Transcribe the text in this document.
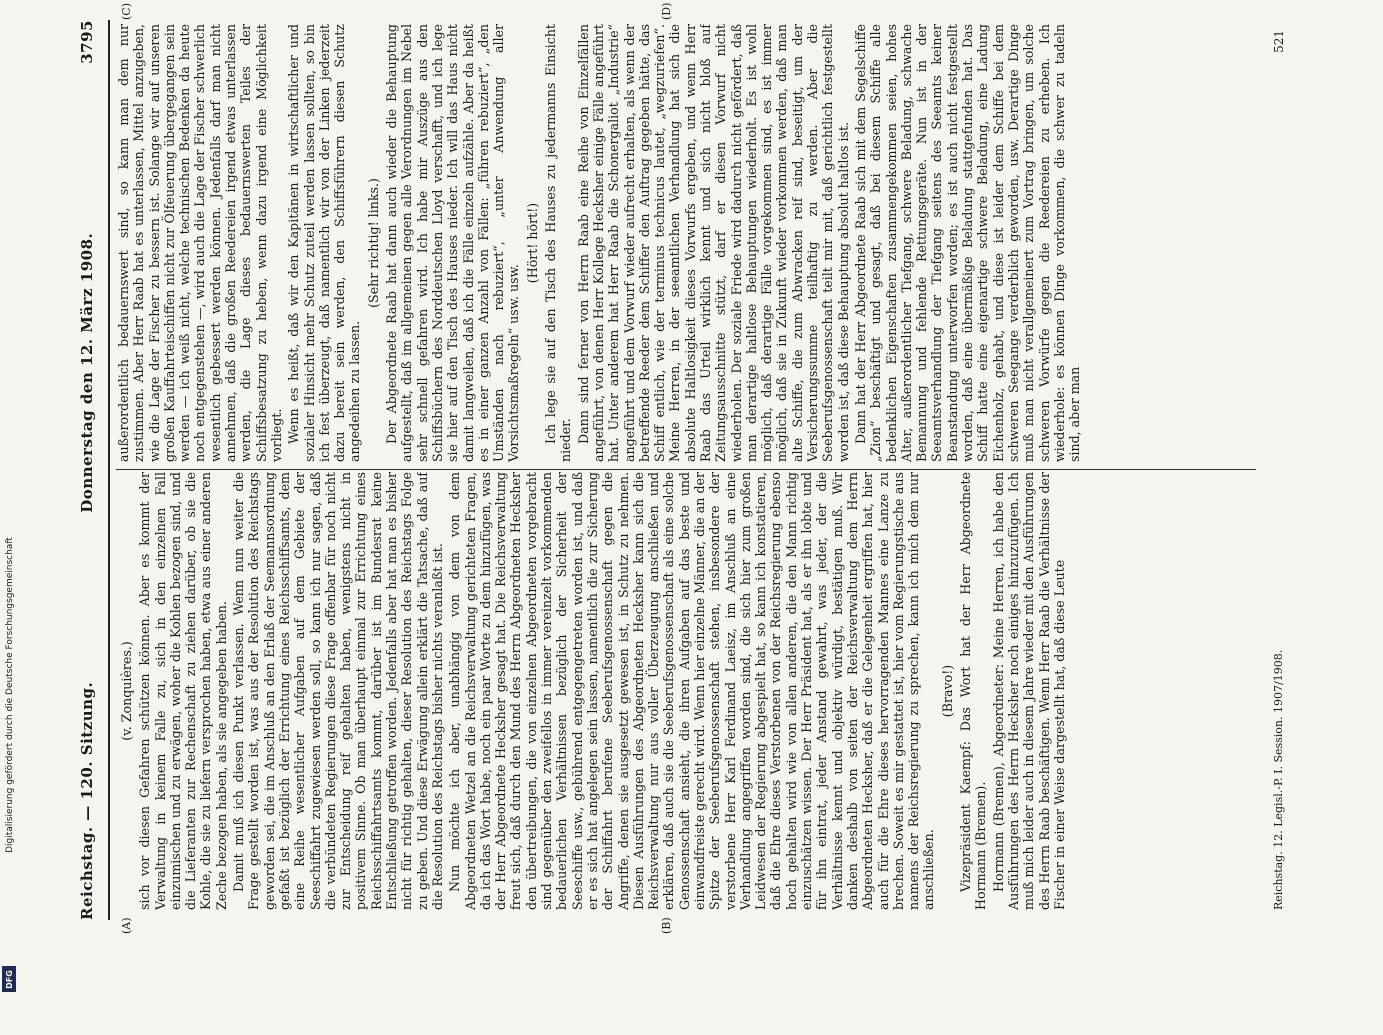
Digitalisierung gefördert durch die Deutsche Forschungsgemeinschaft
DFG
Reichstag. — 120. Sitzung.
Donnerstag den 12. März 1908.
3795
(A)	(B)
(C)	(D)

(v. Zonquières.) sich vor diesen Gefahren schützen können. Aber es kommt der Verwaltung in keinem Falle zu, sich in den einzelnen Fall einzumischen und zu erwägen, woher die Kohlen bezogen sind, und die Lieferanten zur Rechenschaft zu ziehen darüber, ob sie die Kohle, die sie zu liefern versprochen haben, etwa aus einer anderen Zeche bezogen haben, als sie angegeben haben. Damit muß ich diesen Punkt verlassen. Wenn nun weiter die Frage gestellt worden ist, was aus der Resolution des Reichstags geworden sei, die im Anschluß an den Erlaß der Seemannsordnung gefaßt ist bezüglich der Errichtung eines Reichsschiffsamts, dem eine Reihe wesentlicher Aufgaben auf dem Gebiete der Seeschiffahrt zugewiesen werden soll, so kann ich nur sagen, daß die verbündeten Regierungen diese Frage offenbar für noch nicht zur Entscheidung reif gehalten haben, wenigstens nicht in positivem Sinne. Ob man überhaupt einmal zur Errichtung eines Reichsschiffahrtsamts kommt, darüber ist im Bundesrat keine Entschließung getroffen worden. Jedenfalls aber hat man es bisher nicht für richtig gehalten, dieser Resolution des Reichstags Folge zu geben. Und diese Erwägung allein erklärt die Tatsache, daß auf die Resolution des Reichstags bisher nichts veranlaßt ist. Nun möchte ich aber, unabhängig von dem von dem Abgeordneten Wetzel an die Reichsverwaltung gerichteten Fragen, da ich das Wort habe, noch ein paar Worte zu dem hinzufügen, was der Herr Abgeordnete Hecksher gesagt hat. Die Reichsverwaltung freut sich, daß durch den Mund des Herrn Abgeordneten Hecksher den übertreibungen, die von einzelnen Abgeordneten vorgebracht sind gegenüber den zweifellos in immer vereinzelt vorkommenden bedauerlichen Verhältnissen bezüglich der Sicherheit der Seeschiffe usw., gebührend entgegengetreten worden ist, und daß er es sich hat angelegen sein lassen, namentlich die zur Sicherung der Schiffahrt berufene Seeberufsgenossenschaft gegen die Angriffe, denen sie ausgesetzt gewesen ist, in Schutz zu nehmen. Diesen Ausführungen des Abgeordneten Hecksher kann sich die Reichsverwaltung nur aus voller Überzeugung anschließen und erklären, daß auch sie die Seeberufsgenossenschaft als eine solche Genossenschaft ansieht, die ihren Aufgaben auf das beste und einwandfreiste gerecht wird. Wenn hier einzelne Männer, die an der Spitze der Seeberufsgenossenschaft stehen, insbesondere der verstorbene Herr Karl Ferdinand Laeisz, im Anschluß an eine Verhandlung angegriffen worden sind, die sich hier zum großen Leidwesen der Regierung abgespielt hat, so kann ich konstatieren, daß die Ehre dieses Verstorbenen von der Reichsregierung ebenso hoch gehalten wird wie von allen anderen, die den Mann richtig einzuschätzen wissen. Der Herr Präsident hat, als er ihn lobte und für ihn eintrat, jeder Anstand gewahrt, was jeder, der die Verhältnisse kennt und objektiv würdigt, bestätigen muß. Wir danken deshalb von seiten der Reichsverwaltung dem Herrn Abgeordneten Hecksher, daß er die Gelegenheit ergriffen hat, hier auch für die Ehre dieses hervorragenden Mannes eine Lanze zu brechen. Soweit es mir gestattet ist, hier vom Regierungstische aus namens der Reichsregierung zu sprechen, kann ich mich dem nur anschließen.

(Bravo!) Vizepräsident Kaempf: Das Wort hat der Herr Abgeordnete Hormann (Bremen). Hormann (Bremen), Abgeordneter: Meine Herren, ich habe den Ausführungen des Herrn Hecksher noch einiges hinzuzufügen. Ich muß mich leider auch in diesem Jahre wieder mit den Ausführungen des Herrn Raab beschäftigen. Wenn Herr Raab die Verhältnisse der Fischer in einer Weise dargestellt hat, daß diese Leute

außerordentlich bedauernswert sind, so kann man dem nur zustimmen. Aber Herr Raab hat es unterlassen, Mittel anzugeben, wie die Lage der Fischer zu bessern ist. Solange wir auf unseren großen Kauffahrteischiffen nicht zur Ölfeuerung übergegangen sein werden — ich weiß nicht, welche technischen Bedenken da heute noch entgegenstehen —, wird auch die Lage der Fischer schwerlich wesentlich gebessert werden können. Jedenfalls darf man nicht annehmen, daß die großen Reedereien irgend etwas unterlassen werden, die Lage dieses bedauernswerten Teiles der Schiffsbesatzung zu heben, wenn dazu irgend eine Möglichkeit vorliegt. Wenn es heißt, daß wir den Kapitänen in wirtschaftlicher und sozialer Hinsicht mehr Schutz zuteil werden lassen sollten, so bin ich fest überzeugt, daß namentlich wir von der Linken jederzeit dazu bereit sein werden, den Schiffsführern diesen Schutz angedeihen zu lassen.

(Sehr richtig! links.) Der Abgeordnete Raab hat dann auch wieder die Behauptung aufgestellt, daß im allgemeinen gegen alle Verordnungen im Nebel sehr schnell gefahren wird. Ich habe mir Auszüge aus den Schiffsbüchern des Norddeutschen Lloyd verschafft, und ich lege sie hier auf den Tisch des Hauses nieder. Ich will das Haus nicht damit langweilen, daß ich die Fälle einzeln aufzähle. Aber da heißt es in einer ganzen Anzahl von Fällen: „führen rebuziert“, „den Umständen nach rebuziert“, „unter Anwendung aller Vorsichtsmaßregeln“ usw. usw.

(Hört! hört!) Ich lege sie auf den Tisch des Hauses zu jedermanns Einsicht nieder. Dann sind ferner von Herrn Raab eine Reihe von Einzelfällen angeführt, von denen Herr Kollege Hecksher einige Fälle angeführt hat. Unter anderem hat Herr Raab die Schonergaliot „Industrie“ angeführt und dem Vorwurf wieder aufrecht erhalten, als wenn der betreffende Reeder dem Schiffer den Auftrag gegeben hätte, das Schiff entlich, wie der terminus technicus lautet, „wegzuriefen“. Meine Herren, in der seeamtlichen Verhandlung hat sich die absolute Haltlosigkeit dieses Vorwurfs ergeben, und wenn Herr Raab das Urteil wirklich kennt und sich nicht bloß auf Zeitungsausschnitte stützt, darf er diesen Vorwurf nicht wiederholen. Der soziale Friede wird dadurch nicht gefördert, daß man derartige haltlose Behauptungen wiederholt. Es ist wohl möglich, daß derartige Fälle vorgekommen sind, es ist immer möglich, daß sie in Zukunft wieder vorkommen werden, daß man alte Schiffe, die zum Abwracken reif sind, beseitigt, um der Versicherungssumme teilhaftig zu werden. Aber die Seeberufsgenossenschaft teilt mir mit, daß gerichtlich festgestellt worden ist, daß diese Behauptung absolut haltlos ist. Dann hat der Herr Abgeordnete Raab sich mit dem Segelschiffe „Zion“ beschäftigt und gesagt, daß bei diesem Schiffe alle bedenklichen Eigenschaften zusammengekommen seien, hohes Alter, außerordentlicher Tiefgang, schwere Beladung, schwache Bemannung und fehlende Rettungsgeräte. Nun ist in der Seeamtsverhandlung der Tiefgang seitens des Seeamts keiner Beanstandung unterworfen worden; es ist auch nicht festgestellt worden, daß eine übermäßige Beladung stattgefunden hat. Das Schiff hatte eine eigenartige schwere Beladung, eine Ladung Eichenholz, gehabt, und diese ist leider dem Schiffe bei dem schweren Seegange verderblich geworden, usw. Derartige Dinge muß man nicht verallgemeinert zum Vortrag bringen, um solche schweren Vorwürfe gegen die Reedereien zu erheben. Ich wiederhole: es können Dinge vorkommen, die schwer zu tadeln sind, aber man

Reichstag. 12. Legisl.-P. I. Session. 1907/1908.
521
